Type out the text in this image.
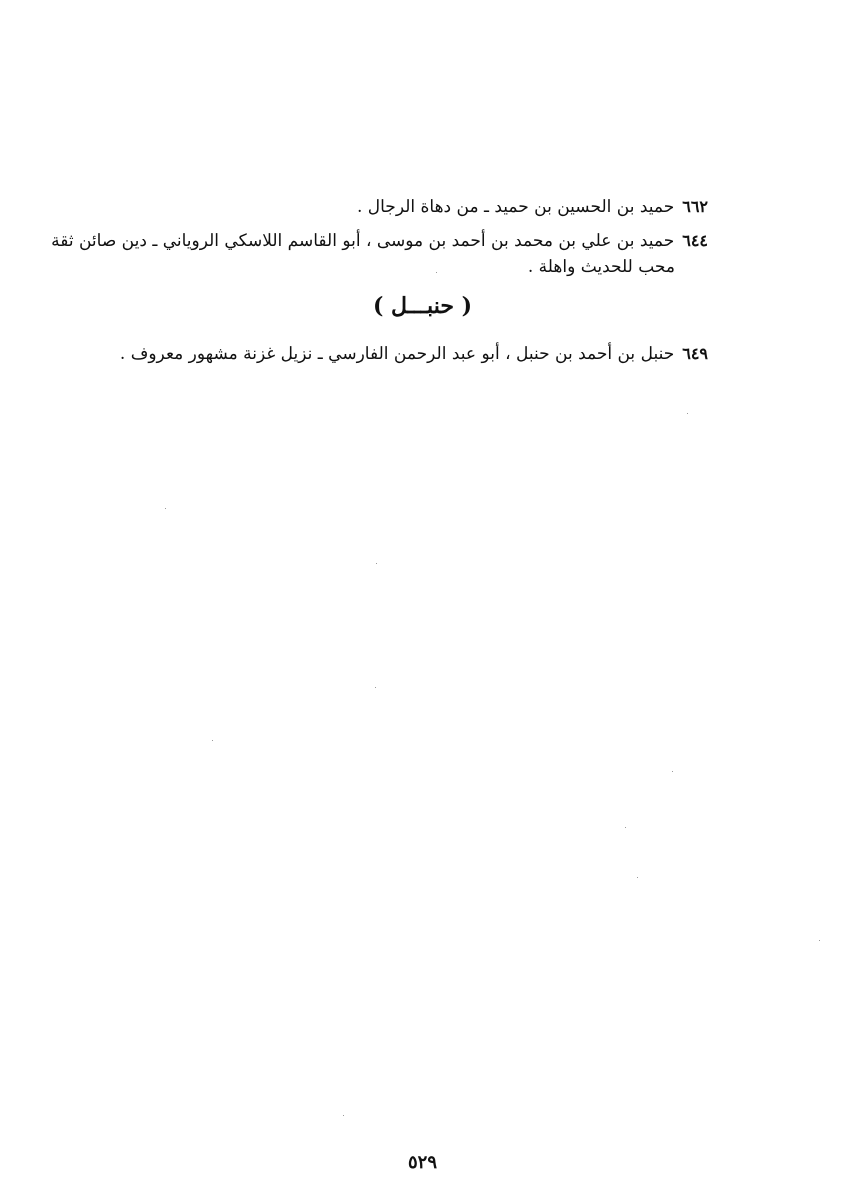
٦٦٢حميد بن الحسين بن حميد ـ من دهاة الرجال .
٦٤٤حميد بن علي بن محمد بن أحمد بن موسى ، أبو القاسم اللاسكي الروياني ـ دين صائن ثقة
محب للحديث واهلة .
( حنبـــل )
٦٤٩حنبل بن أحمد بن حنبل ، أبو عبد الرحمن الفارسي ـ نزيل غزنة مشهور معروف .
٥٢٩
